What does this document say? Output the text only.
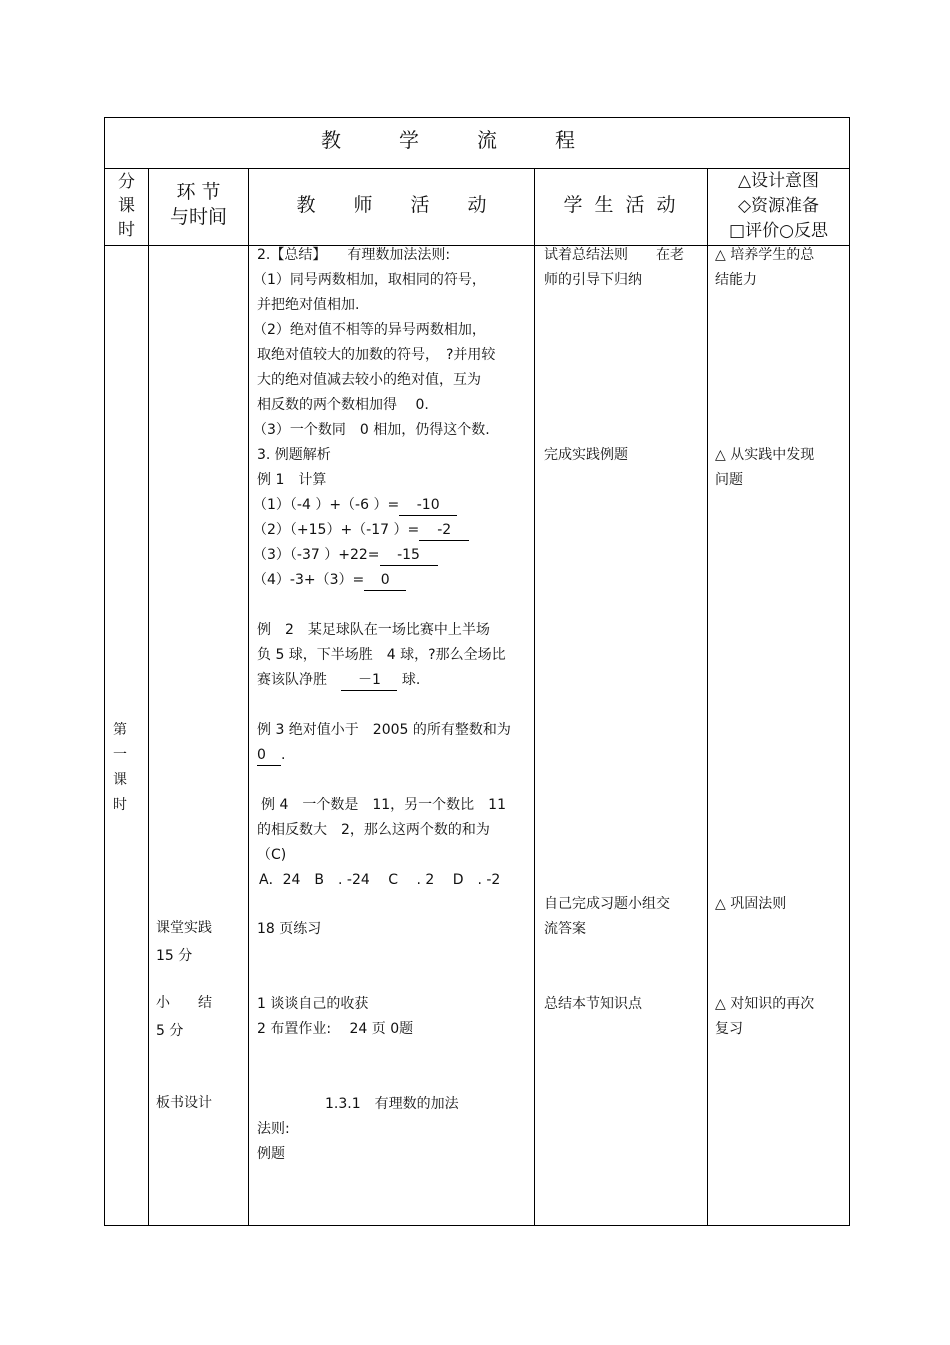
教学流程
分
课
时
环 节
与时间
教　　师　　活　　动	学 生 活 动
△设计意图
◇资源准备
□评价○反思
第
一
课
时
课堂实践
15 分
小　　结
5 分
板书设计
2.【总结】　　有理数加法法则:
（1）同号两数相加，取相同的符号，
并把绝对值相加.
（2）绝对值不相等的异号两数相加，
取绝对值较大的加数的符号，　?并用较
大的绝对值减去较小的绝对值，互为
相反数的两个数相加得　 0.
（3）一个数同　0 相加，仍得这个数.
3. 例题解析
例 1　计算
（1）（-4 ）+（-6 ）= -10
（2）（+15）+（-17 ）= -2
（3）（-37 ）+22= -15
（4）-3+（3）= 0
例　2　某足球队在一场比赛中上半场
负 5 球，下半场胜　4 球，?那么全场比
赛该队净胜 －1 球.
例 3 绝对值小于　2005 的所有整数和为
0 .
例 4　一个数是　11，另一个数比　11
的相反数大　2，那么这两个数的和为
（C)
A．24　B　. -24　 C　 . 2　 D　. -2
18 页练习
1 谈谈自己的收获
2 布置作业:　 24 页 0题
1.3.1　有理数的加法
法则:
例题
试着总结法则　　在老
师的引导下归纳
完成实践例题
自己完成习题小组交
流答案
总结本节知识点
△ 培养学生的总
结能力
△ 从实践中发现
问题
△ 巩固法则
△ 对知识的再次
复习
